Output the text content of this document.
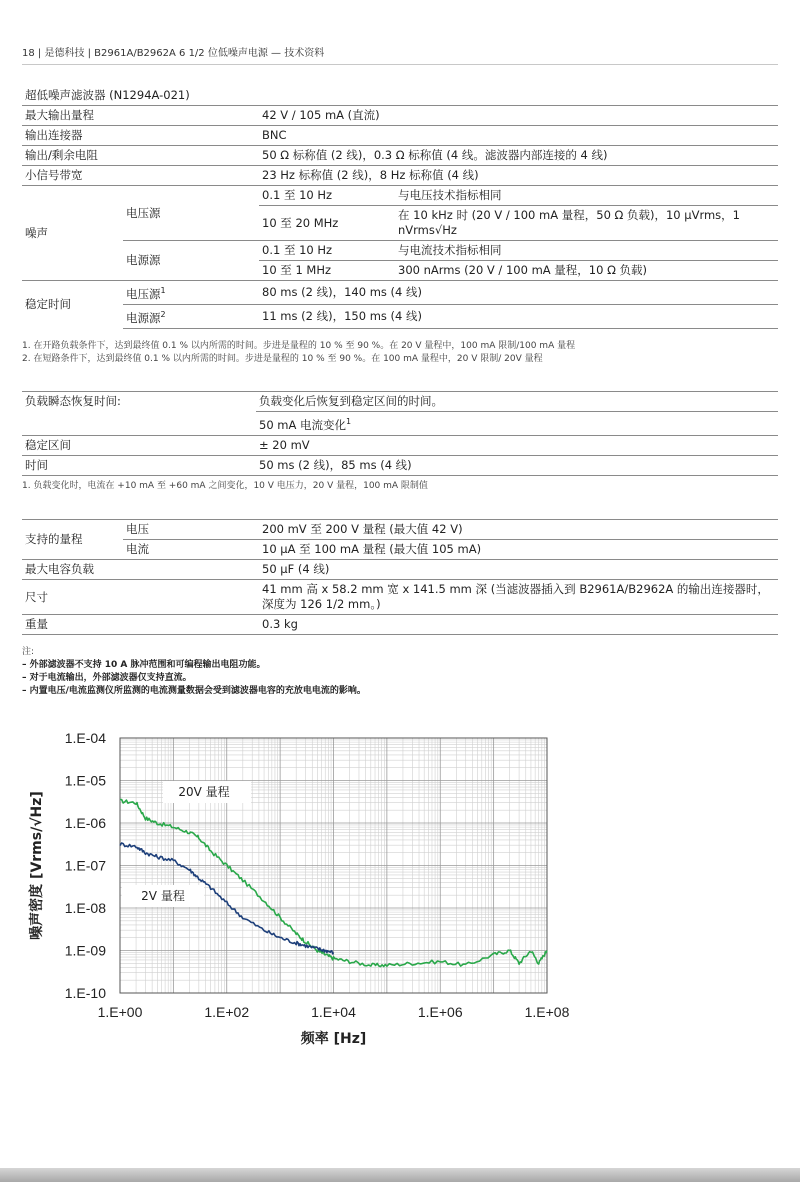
18 | 是德科技 | B2961A/B2962A 6 1/2 位低噪声电源 — 技术资料
超低噪声滤波器 (N1294A-021)			
最大输出量程		42 V / 105 mA (直流)	
输出连接器		BNC	
输出/剩余电阻		50 Ω 标称值 (2 线)，0.3 Ω 标称值 (4 线。滤波器内部连接的 4 线)	
小信号带宽		23 Hz 标称值 (2 线)，8 Hz 标称值 (4 线)	
噪声	电压源	0.1 至 10 Hz	与电压技术指标相同
		10 至 20 MHz	在 10 kHz 时 (20 V / 100 mA 量程，50 Ω 负载)，10 μVrms，1 nVrms√Hz
	电源源	0.1 至 10 Hz	与电流技术指标相同
		10 至 1 MHz	300 nArms (20 V / 100 mA 量程，10 Ω 负载)
稳定时间	电压源$^1$	80 ms (2 线)，140 ms (4 线)	
	电源源$^2$	11 ms (2 线)，150 ms (4 线)	
1. 在开路负载条件下，达到最终值 0.1 % 以内所需的时间。步进是量程的 10 % 至 90 %。在 20 V 量程中，100 mA 限制/100 mA 量程
2. 在短路条件下，达到最终值 0.1 % 以内所需的时间。步进是量程的 10 % 至 90 %。在 100 mA 量程中，20 V 限制/ 20V 量程
负载瞬态恢复时间:	负载变化后恢复到稳定区间的时间。
	50 mA 电流变化$^1$
稳定区间	± 20 mV
时间	50 ms (2 线)，85 ms (4 线)
1. 负载变化时，电流在 +10 mA 至 +60 mA 之间变化，10 V 电压力，20 V 量程，100 mA 限制值
支持的量程	电压	200 mV 至 200 V 量程 (最大值 42 V)
	电流	10 μA 至 100 mA 量程 (最大值 105 mA)
最大电容负载		50 μF (4 线)
尺寸		41 mm 高 x 58.2 mm 宽 x 141.5 mm 深 (当滤波器插入到 B2961A/B2962A 的输出连接器时，深度为 126 1/2 mm。)
重量		0.3 kg
注:
– 外部滤波器不支持 10 A 脉冲范围和可编程输出电阻功能。
– 对于电流输出，外部滤波器仅支持直流。
– 内置电压/电流监测仪所监测的电流测量数据会受到滤波器电容的充放电电流的影响。
1.E-04
1.E-05
1.E-06
1.E-07
1.E-08
1.E-09
1.E-10
1.E+00	1.E+02	1.E+04	1.E+06	1.E+08
频率 [Hz]
噪声密度 [Vrms/√Hz]	20V 量程
2V 量程
